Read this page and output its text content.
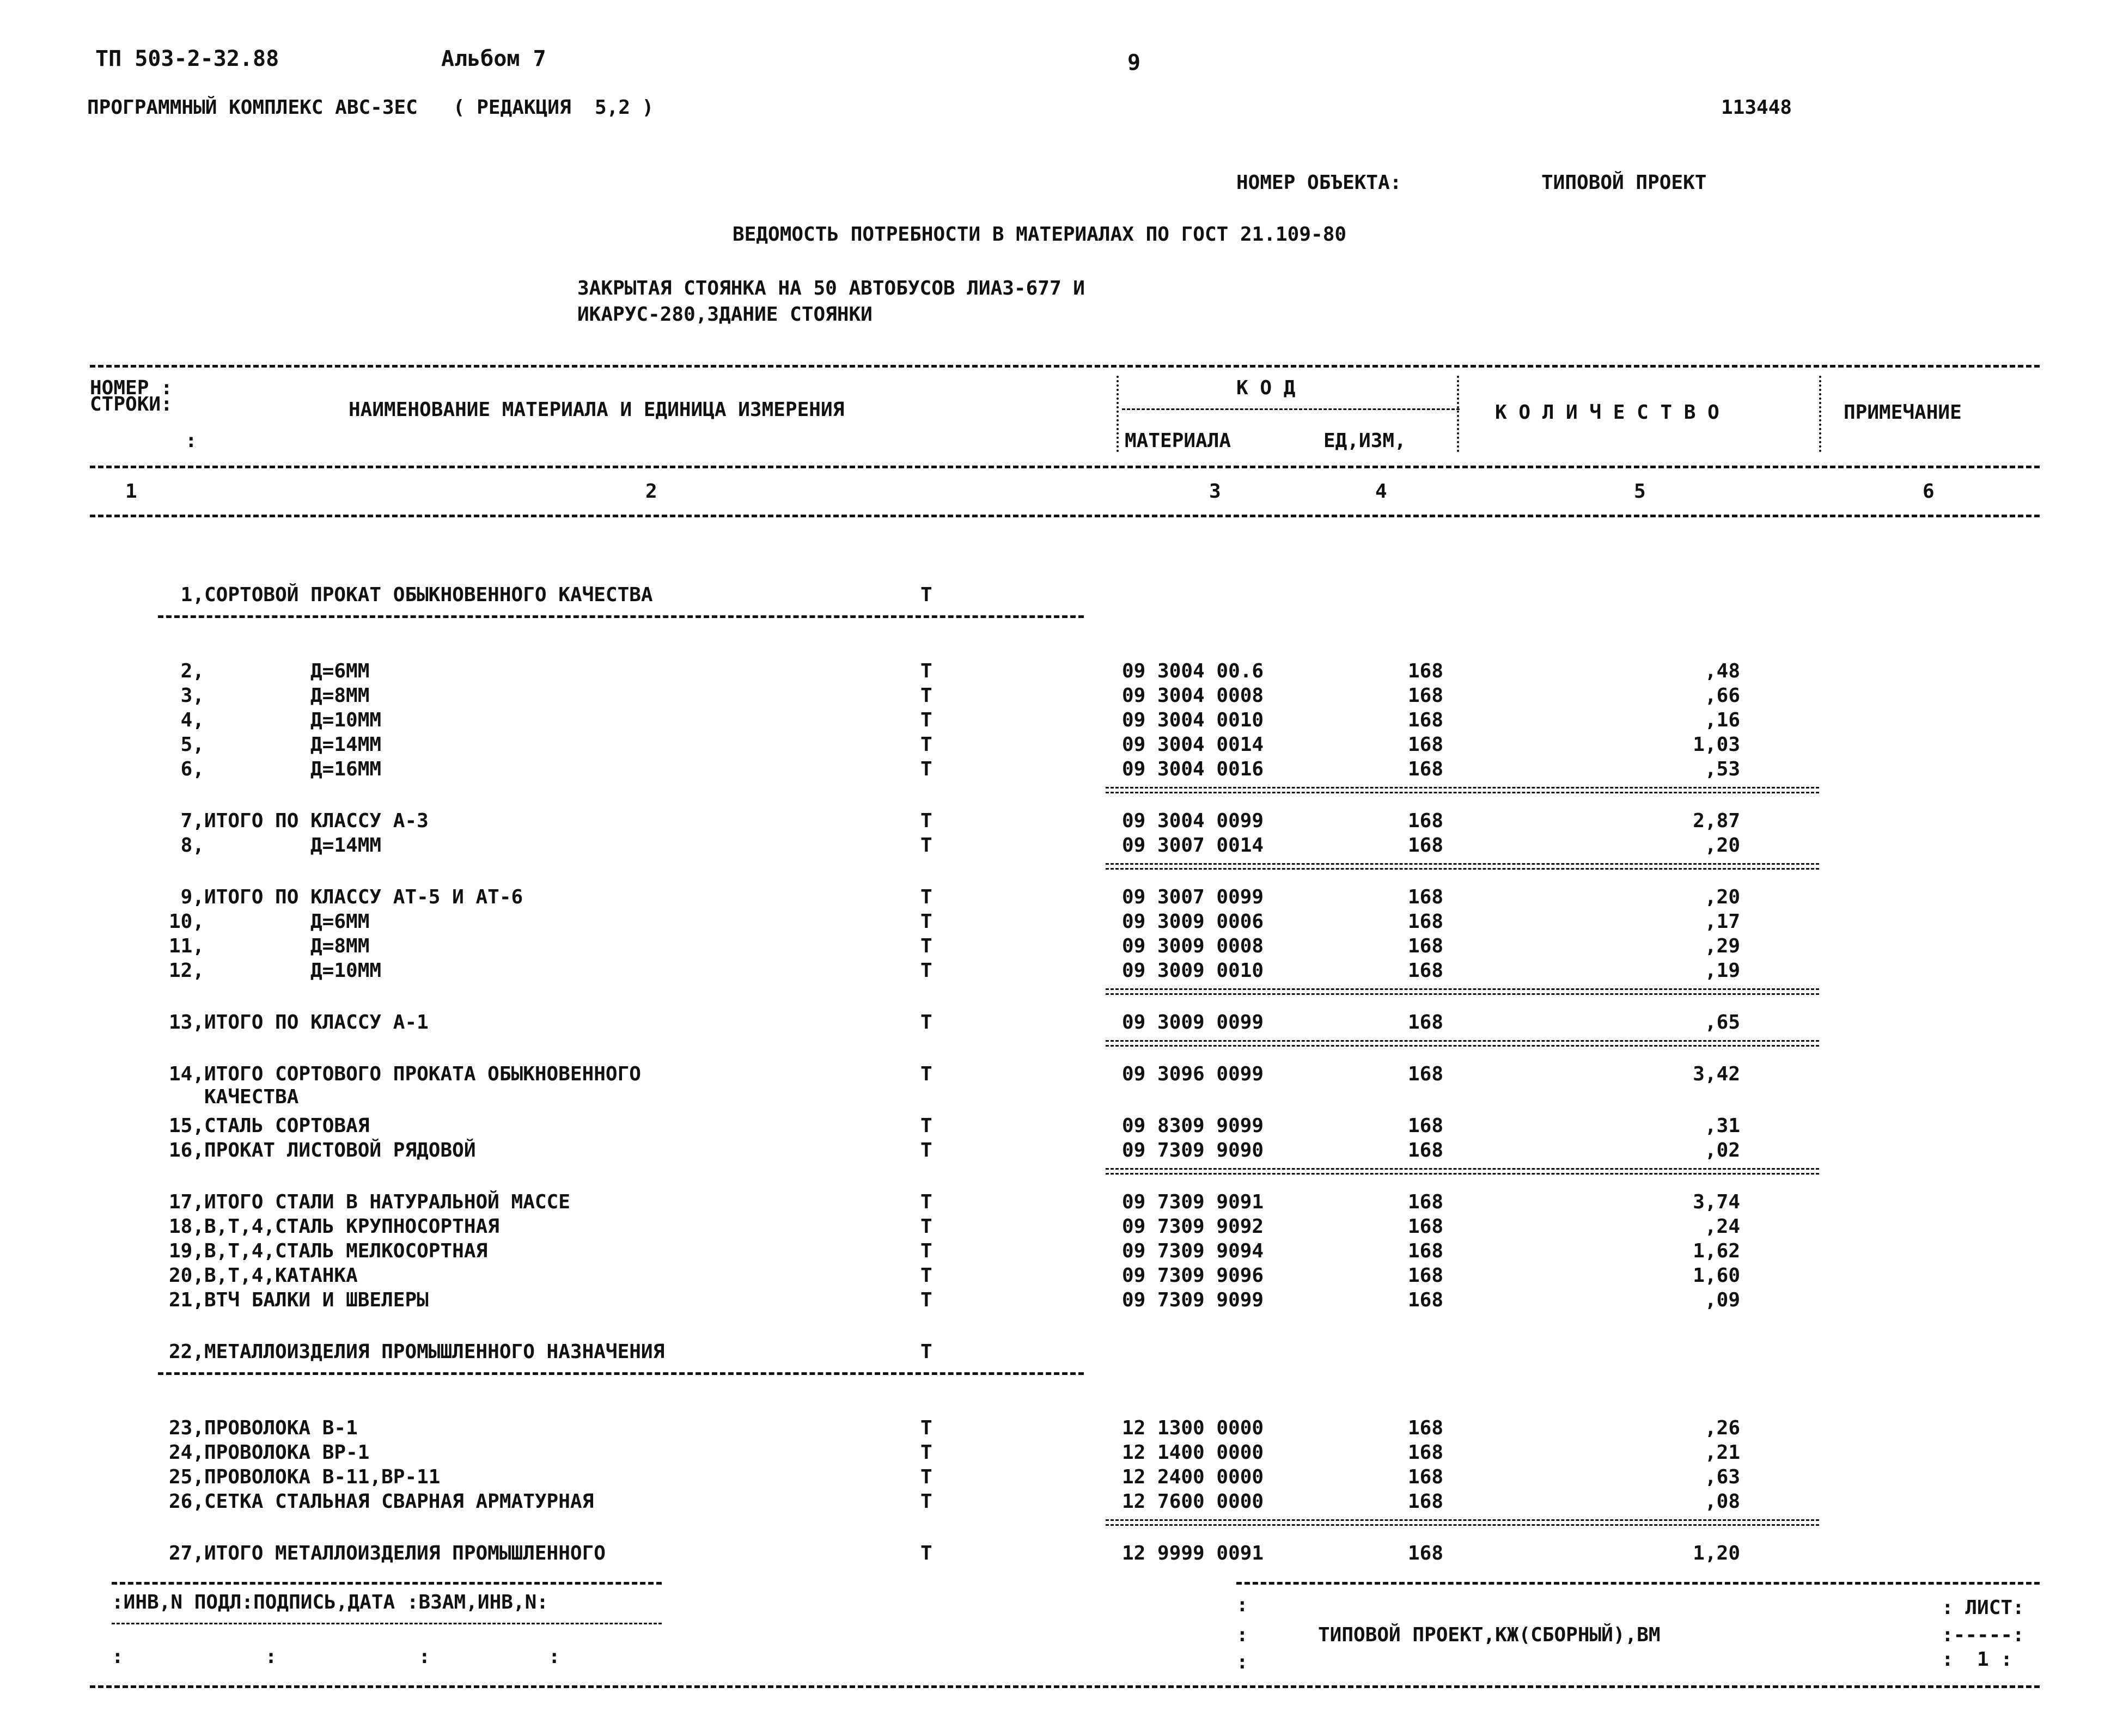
ТП 503-2-32.88	Альбом 7	9
ПРОГРАММНЫЙ КОМПЛЕКС АВС-ЗЕС   ( РЕДАКЦИЯ  5,2 )	113448
НОМЕР ОБЪЕКТА:	ТИПОВОЙ ПРОЕКТ
ВЕДОМОСТЬ ПОТРЕБНОСТИ В МАТЕРИАЛАХ ПО ГОСТ 21.109-80
ЗАКРЫТАЯ СТОЯНКА НА 50 АВТОБУСОВ ЛИАЗ-677 И
ИКАРУС-280,ЗДАНИЕ СТОЯНКИ
НОМЕР :
СТРОКИ:
:
НАИМЕНОВАНИЕ МАТЕРИАЛА И ЕДИНИЦА ИЗМЕРЕНИЯ
К О Д
МАТЕРИАЛА	ЕД,ИЗМ,
К О Л И Ч Е С Т В О	ПРИМЕЧАНИЕ
1	2	3	4	5	6
1, СОРТОВОЙ ПРОКАТ ОБЫКНОВЕННОГО КАЧЕСТВА	Т
2,	Д=6ММ	Т	09 3004 00.6	168	,48
3,	Д=8ММ	Т	09 3004 0008	168	,66
4,	Д=10ММ	Т	09 3004 0010	168	,16
5,	Д=14ММ	Т	09 3004 0014	168	1,03
6,	Д=16ММ	Т	09 3004 0016	168	,53
7, ИТОГО ПО КЛАССУ А-3	Т	09 3004 0099	168	2,87
8,	Д=14ММ	Т	09 3007 0014	168	,20
9, ИТОГО ПО КЛАССУ АТ-5 И АТ-6	Т	09 3007 0099	168	,20
10,	Д=6ММ	Т	09 3009 0006	168	,17
11,	Д=8ММ	Т	09 3009 0008	168	,29
12,	Д=10ММ	Т	09 3009 0010	168	,19
13, ИТОГО ПО КЛАССУ А-1	Т	09 3009 0099	168	,65
14, ИТОГО СОРТОВОГО ПРОКАТА ОБЫКНОВЕННОГО
КАЧЕСТВА
Т	09 3096 0099	168	3,42
15, СТАЛЬ СОРТОВАЯ	Т	09 8309 9099	168	,31
16, ПРОКАТ ЛИСТОВОЙ РЯДОВОЙ	Т	09 7309 9090	168	,02
17, ИТОГО СТАЛИ В НАТУРАЛЬНОЙ МАССЕ	Т	09 7309 9091	168	3,74
18, В,Т,4,СТАЛЬ КРУПНОСОРТНАЯ	Т	09 7309 9092	168	,24
19, В,Т,4,СТАЛЬ МЕЛКОСОРТНАЯ	Т	09 7309 9094	168	1,62
20, В,Т,4,КАТАНКА	Т	09 7309 9096	168	1,60
21, ВТЧ БАЛКИ И ШВЕЛЕРЫ	Т	09 7309 9099	168	,09
22, МЕТАЛЛОИЗДЕЛИЯ ПРОМЫШЛЕННОГО НАЗНАЧЕНИЯ	Т
23, ПРОВОЛОКА В-1	Т	12 1300 0000	168	,26
24, ПРОВОЛОКА ВР-1	Т	12 1400 0000	168	,21
25, ПРОВОЛОКА В-11,ВР-11	Т	12 2400 0000	168	,63
26, СЕТКА СТАЛЬНАЯ СВАРНАЯ АРМАТУРНАЯ	Т	12 7600 0000	168	,08
27, ИТОГО МЕТАЛЛОИЗДЕЛИЯ ПРОМЫШЛЕННОГО	Т	12 9999 0091	168	1,20
:ИНВ,N ПОДЛ:ПОДПИСЬ,ДАТА :ВЗАМ,ИНВ,N:
:            :            :          :
:
:
:
ТИПОВОЙ ПРОЕКТ,КЖ(СБОРНЫЙ),ВМ
: ЛИСТ:
:-----:
:  1 :
